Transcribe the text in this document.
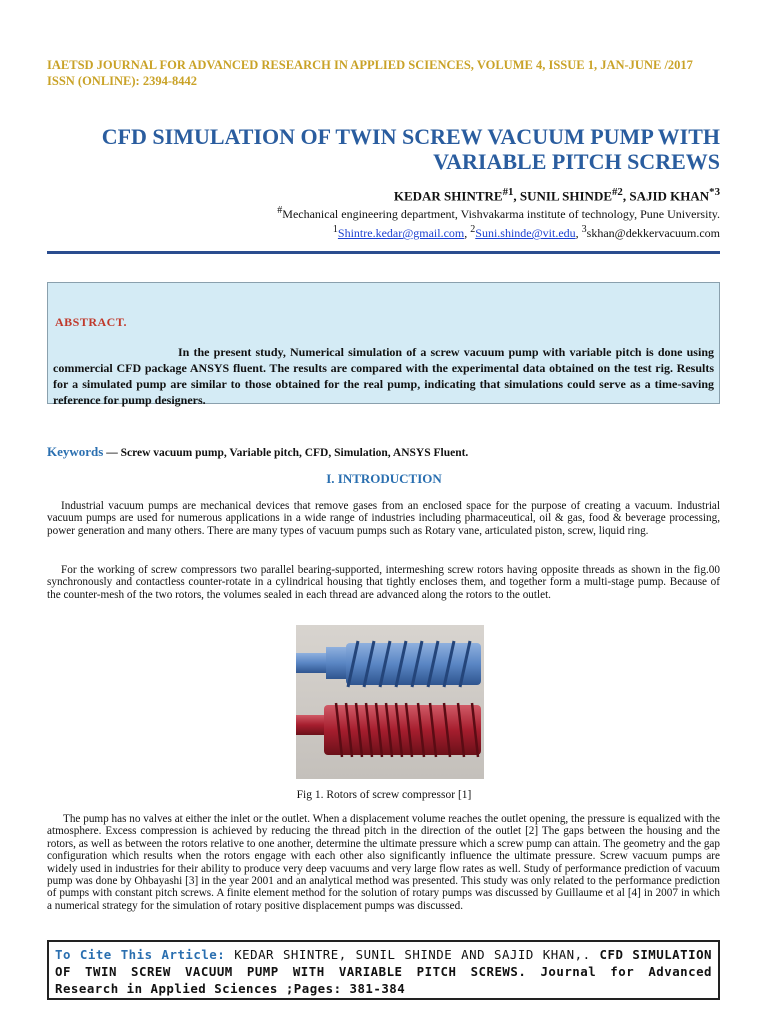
IAETSD JOURNAL FOR ADVANCED RESEARCH IN APPLIED SCIENCES, VOLUME 4, ISSUE 1, JAN-JUNE /2017
ISSN (ONLINE): 2394-8442
CFD SIMULATION OF TWIN SCREW VACUUM PUMP WITH
VARIABLE PITCH SCREWS
KEDAR SHINTRE$^{\#1}$, SUNIL SHINDE$^{\#2}$, SAJID KHAN$^{*3}$
#Mechanical engineering department, Vishvakarma institute of technology, Pune University.
$^1$Shintre.kedar@gmail.com, $^2$Suni.shinde@vit.edu, $^3$skhan@dekkervacuum.com
ABSTRACT.
In the present study, Numerical simulation of a screw vacuum pump with variable pitch is done using commercial CFD package ANSYS fluent. The results are compared with the experimental data obtained on the test rig. Results for a simulated pump are similar to those obtained for the real pump, indicating that simulations could serve as a time-saving reference for pump designers.
Keywords — Screw vacuum pump, Variable pitch, CFD, Simulation, ANSYS Fluent.
I. INTRODUCTION
Industrial vacuum pumps are mechanical devices that remove gases from an enclosed space for the purpose of creating a vacuum. Industrial vacuum pumps are used for numerous applications in a wide range of industries including pharmaceutical, oil & gas, food & beverage processing, power generation and many others. There are many types of vacuum pumps such as Rotary vane, articulated piston, screw, liquid ring.
For the working of screw compressors two parallel bearing-supported, intermeshing screw rotors having opposite threads as shown in the fig.00 synchronously and contactless counter-rotate in a cylindrical housing that tightly encloses them, and together form a multi-stage pump. Because of the counter-mesh of the two rotors, the volumes sealed in each thread are advanced along the rotors to the outlet.
Fig 1. Rotors of screw compressor [1]
The pump has no valves at either the inlet or the outlet. When a displacement volume reaches the outlet opening, the pressure is equalized with the atmosphere. Excess compression is achieved by reducing the thread pitch in the direction of the outlet [2] The gaps between the housing and the rotors, as well as between the rotors relative to one another, determine the ultimate pressure which a screw pump can attain. The geometry and the gap configuration which results when the rotors engage with each other also significantly influence the ultimate pressure. Screw vacuum pumps are widely used in industries for their ability to produce very deep vacuums and very large flow rates as well. Study of performance prediction of vacuum pump was done by Ohbayashi [3] in the year 2001 and an analytical method was presented. This study was only related to the performance prediction of pumps with constant pitch screws. A finite element method for the solution of rotary pumps was discussed by Guillaume et al [4] in 2007 in which a numerical strategy for the simulation of rotary positive displacement pumps was discussed.
To Cite This Article: KEDAR SHINTRE, SUNIL SHINDE AND SAJID KHAN,. CFD SIMULATION OF TWIN SCREW VACUUM PUMP WITH VARIABLE PITCH SCREWS. Journal for Advanced Research in Applied Sciences ;Pages: 381-384
